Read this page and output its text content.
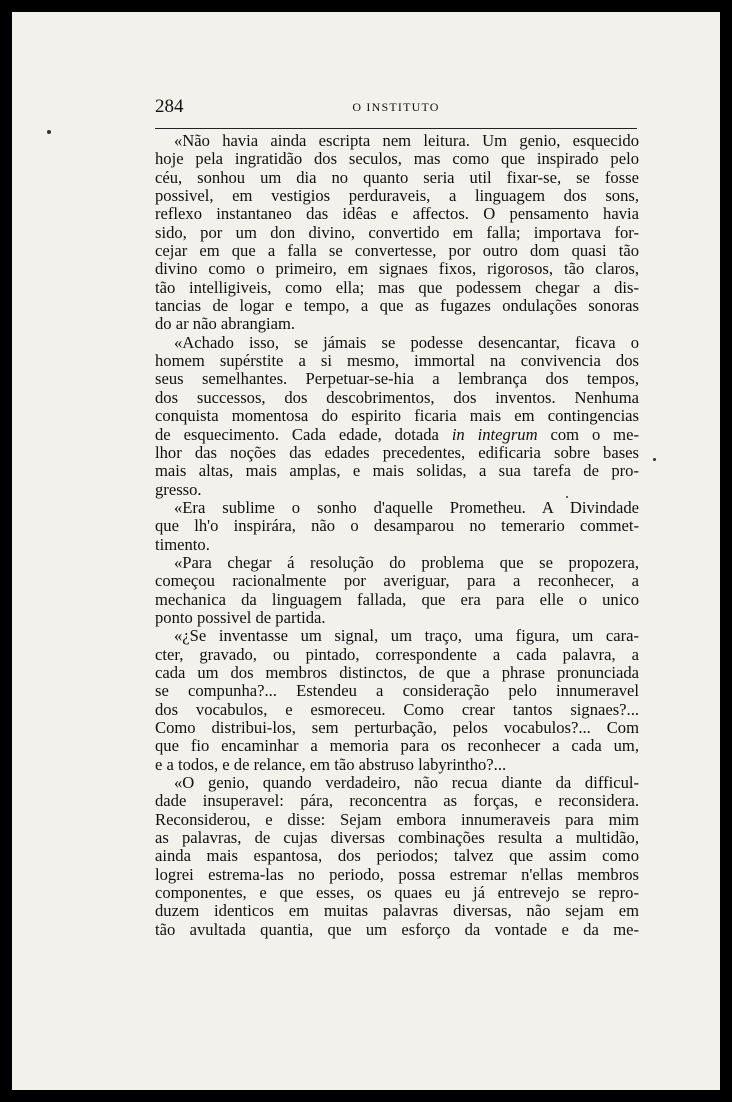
284	O INSTITUTO
«Não havia ainda escripta nem leitura. Um genio, esquecido
hoje pela ingratidão dos seculos, mas como que inspirado pelo
céu, sonhou um dia no quanto seria util fixar-se, se fosse
possivel, em vestigios perduraveis, a linguagem dos sons,
reflexo instantaneo das idêas e affectos. O pensamento havia
sido, por um don divino, convertido em falla; importava for-
cejar em que a falla se convertesse, por outro dom quasi tão
divino como o primeiro, em signaes fixos, rigorosos, tão claros,
tão intelligiveis, como ella; mas que podessem chegar a dis-
tancias de logar e tempo, a que as fugazes ondulações sonoras
do ar não abrangiam.
«Achado isso, se jámais se podesse desencantar, ficava o
homem supérstite a si mesmo, immortal na convivencia dos
seus semelhantes. Perpetuar-se-hia a lembrança dos tempos,
dos successos, dos descobrimentos, dos inventos. Nenhuma
conquista momentosa do espirito ficaria mais em contingencias
de esquecimento. Cada edade, dotada in integrum com o me-
lhor das noções das edades precedentes, edificaria sobre bases
mais altas, mais amplas, e mais solidas, a sua tarefa de pro-
gresso.
«Era sublime o sonho d'aquelle Prometheu. A Divindade
que lh'o inspirára, não o desamparou no temerario commet-
timento.
«Para chegar á resolução do problema que se propozera,
começou racionalmente por averiguar, para a reconhecer, a
mechanica da linguagem fallada, que era para elle o unico
ponto possivel de partida.
«¿Se inventasse um signal, um traço, uma figura, um cara-
cter, gravado, ou pintado, correspondente a cada palavra, a
cada um dos membros distinctos, de que a phrase pronunciada
se compunha?... Estendeu a consideração pelo innumeravel
dos vocabulos, e esmoreceu. Como crear tantos signaes?...
Como distribui-los, sem perturbação, pelos vocabulos?... Com
que fio encaminhar a memoria para os reconhecer a cada um,
e a todos, e de relance, em tão abstruso labyrintho?...
«O genio, quando verdadeiro, não recua diante da difficul-
dade insuperavel: pára, reconcentra as forças, e reconsidera.
Reconsiderou, e disse: Sejam embora innumeraveis para mim
as palavras, de cujas diversas combinações resulta a multidão,
ainda mais espantosa, dos periodos; talvez que assim como
logrei estrema-las no periodo, possa estremar n'ellas membros
componentes, e que esses, os quaes eu já entrevejo se repro-
duzem identicos em muitas palavras diversas, não sejam em
tão avultada quantia, que um esforço da vontade e da me-
